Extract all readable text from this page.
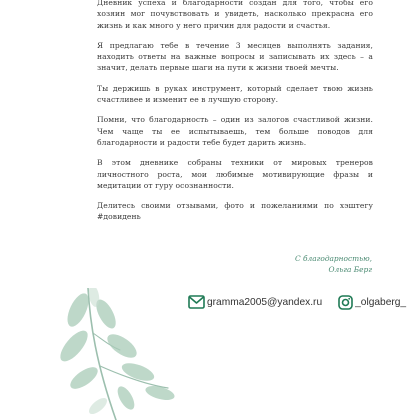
Дневник успеха и благодарности создан для того, чтобы его хозяин мог почувствовать и увидеть, насколько прекрасна его жизнь и как много у него причин для радости и счастья.

Я предлагаю тебе в течение 3 месяцев выполнять задания, находить ответы на важные вопросы и записывать их здесь – а значит, делать первые шаги на пути к жизни твоей мечты.

Ты держишь в руках инструмент, который сделает твою жизнь счастливее и изменит ее в лучшую сторону.

Помни, что благодарность – один из залогов счастливой жизни. Чем чаще ты ее испытываешь, тем больше поводов для благодарности и радости тебе будет дарить жизнь.

В этом дневнике собраны техники от мировых тренеров личностного роста, мои любимые мотивирующие фразы и медитации от гуру осознанности.

Делитесь своими отзывами, фото и пожеланиями по хэштегу #довидень

С благодарностью,
Ольга Берг
gramma2005@yandex.ru	_olgaberg_
